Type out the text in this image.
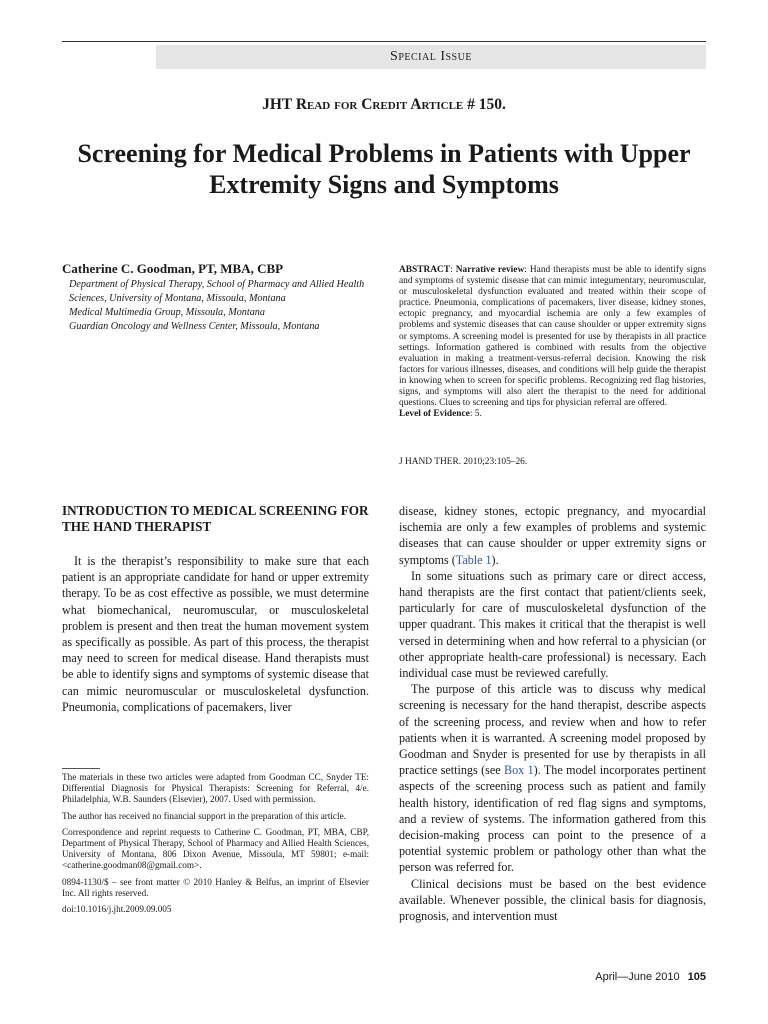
Special Issue
JHT Read for Credit Article # 150.
Screening for Medical Problems in Patients with Upper Extremity Signs and Symptoms
Catherine C. Goodman, PT, MBA, CBP
Department of Physical Therapy, School of Pharmacy and Allied Health Sciences, University of Montana, Missoula, Montana
Medical Multimedia Group, Missoula, Montana
Guardian Oncology and Wellness Center, Missoula, Montana
ABSTRACT: Narrative review: Hand therapists must be able to identify signs and symptoms of systemic disease that can mimic integumentary, neuromuscular, or musculoskeletal dysfunction evaluated and treated within their scope of practice. Pneumonia, complications of pacemakers, liver disease, kidney stones, ectopic pregnancy, and myocardial ischemia are only a few examples of problems and systemic diseases that can cause shoulder or upper extremity signs or symptoms. A screening model is presented for use by therapists in all practice settings. Information gathered is combined with results from the objective evaluation in making a treatment-versus-referral decision. Knowing the risk factors for various illnesses, diseases, and conditions will help guide the therapist in knowing when to screen for specific problems. Recognizing red flag histories, signs, and symptoms will also alert the therapist to the need for additional questions. Clues to screening and tips for physician referral are offered.
Level of Evidence: 5.
J HAND THER. 2010;23:105–26.
INTRODUCTION TO MEDICAL SCREENING FOR THE HAND THERAPIST

It is the therapist’s responsibility to make sure that each patient is an appropriate candidate for hand or upper extremity therapy. To be as cost effective as possible, we must determine what biomechanical, neuromuscular, or musculoskeletal problem is present and then treat the human movement system as specifically as possible. As part of this process, the therapist may need to screen for medical disease. Hand therapists must be able to identify signs and symptoms of systemic disease that can mimic neuromuscular or musculoskeletal dysfunction. Pneumonia, complications of pacemakers, liver

disease, kidney stones, ectopic pregnancy, and myocardial ischemia are only a few examples of problems and systemic diseases that can cause shoulder or upper extremity signs or symptoms (Table 1).

In some situations such as primary care or direct access, hand therapists are the first contact that patient/clients seek, particularly for care of musculoskeletal dysfunction of the upper quadrant. This makes it critical that the therapist is well versed in determining when and how referral to a physician (or other appropriate health-care professional) is necessary. Each individual case must be reviewed carefully.

The purpose of this article was to discuss why medical screening is necessary for the hand therapist, describe aspects of the screening process, and review when and how to refer patients when it is warranted. A screening model proposed by Goodman and Snyder is presented for use by therapists in all practice settings (see Box 1). The model incorporates pertinent aspects of the screening process such as patient and family health history, identification of red flag signs and symptoms, and a review of systems. The information gathered from this decision-making process can point to the presence of a potential systemic problem or pathology other than what the person was referred for.

Clinical decisions must be based on the best evidence available. Whenever possible, the clinical basis for diagnosis, prognosis, and intervention must

The materials in these two articles were adapted from Goodman CC, Snyder TE: Differential Diagnosis for Physical Therapists: Screening for Referral, 4/e. Philadelphia, W.B. Saunders (Elsevier), 2007. Used with permission.

The author has received no financial support in the preparation of this article.

Correspondence and reprint requests to Catherine C. Goodman, PT, MBA, CBP, Department of Physical Therapy, School of Pharmacy and Allied Health Sciences, University of Montana, 806 Dixon Avenue, Missoula, MT 59801; e-mail: <catherine.goodman08@gmail.com>.

0894-1130/$ – see front matter © 2010 Hanley & Belfus, an imprint of Elsevier Inc. All rights reserved.

doi:10.1016/j.jht.2009.09.005

April—June 2010 105
